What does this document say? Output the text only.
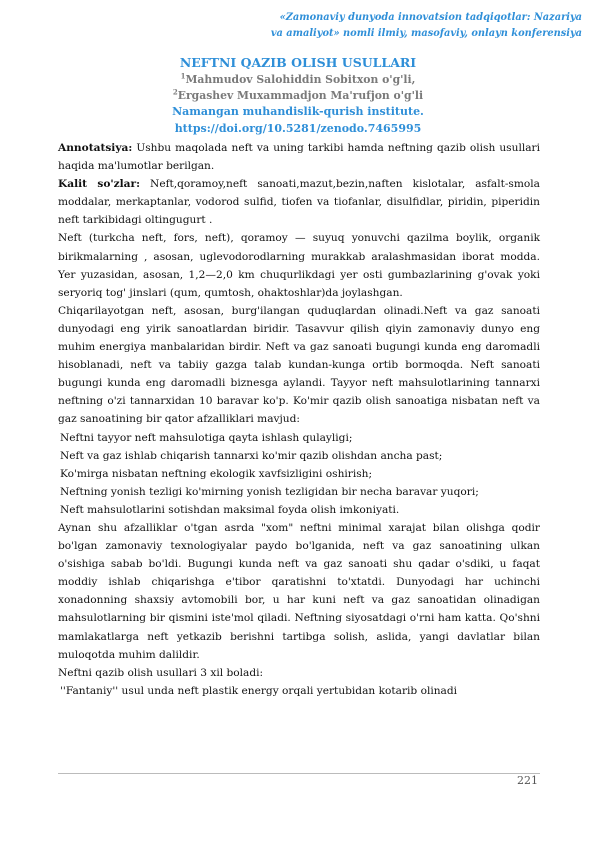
«Zamonaviy dunyoda innovatsion tadqiqotlar: Nazariya
va amaliyot» nomli ilmiy, masofaviy, onlayn konferensiya
NEFTNI QAZIB OLISH USULLARI
$^1$Mahmudov Salohiddin Sobitxon o'g'li,
$^2$Ergashev Muxammadjon Ma'rufjon o'g'li
Namangan muhandislik-qurish institute.
https://doi.org/10.5281/zenodo.7465995

Annotatsiya: Ushbu maqolada neft va uning tarkibi hamda neftning qazib olish usullari haqida ma'lumotlar berilgan.

Kalit so'zlar: Neft,qoramoy,neft sanoati,mazut,bezin,naften kislotalar, asfalt-smola moddalar, merkaptanlar, vodorod sulfid, tiofen va tiofanlar, disulfidlar, piridin, piperidin neft tarkibidagi oltingugurt .

Neft (turkcha neft, fors, neft), qoramoy — suyuq yonuvchi qazilma boylik, organik birikmalarning , asosan, uglevodorodlarning murakkab aralashmasidan iborat modda. Yer yuzasidan, asosan, 1,2—2,0 km chuqurlikdagi yer osti gumbazlarining g'ovak yoki seryoriq tog' jinslari (qum, qumtosh, ohaktoshlar)da joylashgan.

Chiqarilayotgan neft, asosan, burg'ilangan quduqlardan olinadi.Neft va gaz sanoati dunyodagi eng yirik sanoatlardan biridir. Tasavvur qilish qiyin zamonaviy dunyo eng muhim energiya manbalaridan birdir. Neft va gaz sanoati bugungi kunda eng daromadli hisoblanadi, neft va tabiiy gazga talab kundan-kunga ortib bormoqda. Neft sanoati bugungi kunda eng daromadli biznesga aylandi. Tayyor neft mahsulotlarining tannarxi neftning o'zi tannarxidan 10 baravar ko'p. Ko'mir qazib olish sanoatiga nisbatan neft va gaz sanoatining bir qator afzalliklari mavjud:

Neftni tayyor neft mahsulotiga qayta ishlash qulayligi;

Neft va gaz ishlab chiqarish tannarxi ko'mir qazib olishdan ancha past;

Ko'mirga nisbatan neftning ekologik xavfsizligini oshirish;

Neftning yonish tezligi ko'mirning yonish tezligidan bir necha baravar yuqori;

Neft mahsulotlarini sotishdan maksimal foyda olish imkoniyati.

Aynan shu afzalliklar o'tgan asrda "xom" neftni minimal xarajat bilan olishga qodir bo'lgan zamonaviy texnologiyalar paydo bo'lganida, neft va gaz sanoatining ulkan o'sishiga sabab bo'ldi. Bugungi kunda neft va gaz sanoati shu qadar o'sdiki, u faqat moddiy ishlab chiqarishga e'tibor qaratishni to'xtatdi. Dunyodagi har uchinchi xonadonning shaxsiy avtomobili bor, u har kuni neft va gaz sanoatidan olinadigan mahsulotlarning bir qismini iste'mol qiladi. Neftning siyosatdagi o'rni ham katta. Qo'shni mamlakatlarga neft yetkazib berishni tartibga solish, aslida, yangi davlatlar bilan muloqotda muhim dalildir.

Neftni qazib olish usullari 3 xil boladi:

''Fantaniy'' usul unda neft plastik energy orqali yertubidan kotarib olinadi

221
